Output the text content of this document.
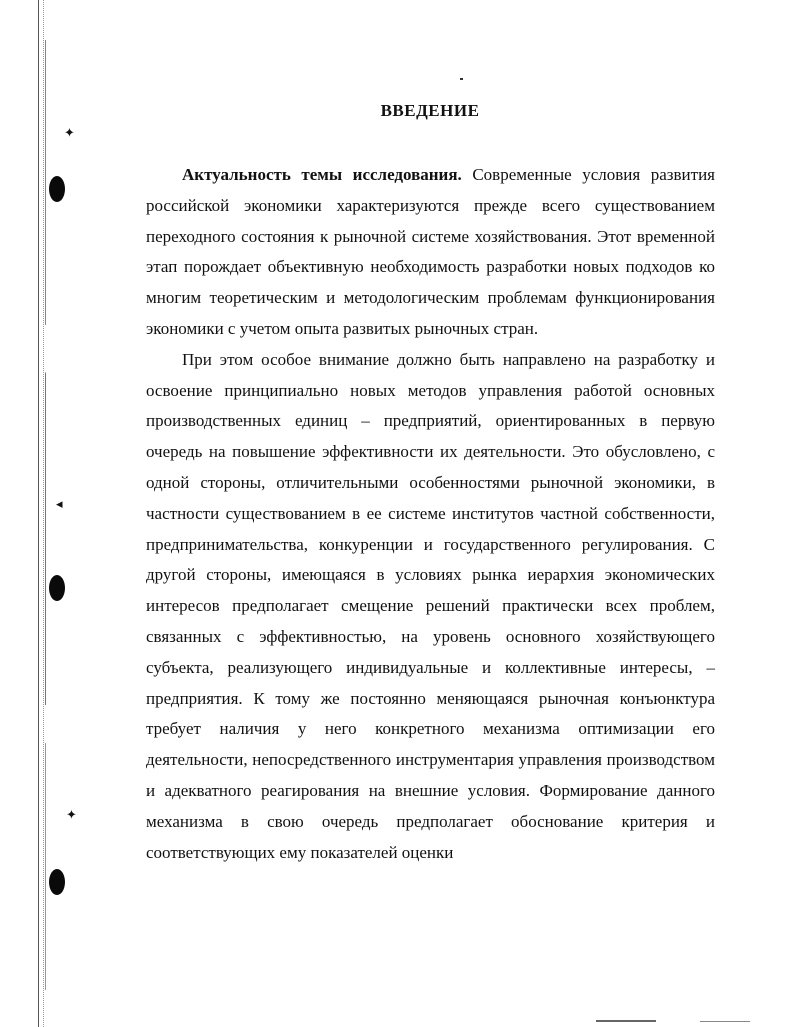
✦
◂
✦
ВВЕДЕНИЕ

Актуальность темы исследования. Современные условия развития российской экономики характеризуются прежде всего существованием переходного состояния к рыночной системе хозяйствования. Этот временной этап порождает объективную необходимость разработки новых подходов ко многим теоретическим и методологическим проблемам функционирования экономики с учетом опыта развитых рыночных стран.

При этом особое внимание должно быть направлено на разработку и освоение принципиально новых методов управления работой основных производственных единиц – предприятий, ориентированных в первую очередь на повышение эффективности их деятельности. Это обусловлено, с одной стороны, отличительными особенностями рыночной экономики, в частности существованием в ее системе институтов частной собственности, предпринимательства, конкуренции и государственного регулирования. С другой стороны, имеющаяся в условиях рынка иерархия экономических интересов предполагает смещение решений практически всех проблем, связанных с эффективностью, на уровень основного хозяйствующего субъекта, реализующего индивидуальные и коллективные интересы, – предприятия. К тому же постоянно меняющаяся рыночная конъюнктура требует наличия у него конкретного механизма оптимизации его деятельности, непосредственного инструментария управления производством и адекватного реагирования на внешние условия. Формирование данного механизма в свою очередь предполагает обоснование критерия и соответствующих ему показателей оценки
